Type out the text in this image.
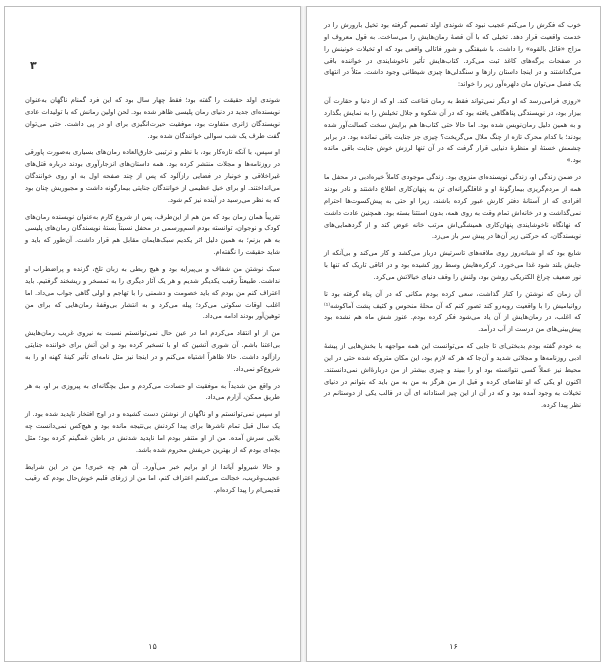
۳

شوندی اولد حقیقت را گفته بود؛ فقط چهار سال بود که این فرد گمنام ناگهان به‌عنوان نویسنده‌ای جدید در دنیای رمان پلیسی ظاهر شده بود. لحن اولین رمانش که با تولیدات عادی نویسندگان ژانری متفاوت بود، موفقیت حیرت‌انگیزی برای او در پی داشت. حتی می‌توان گفت طرف یک شب سوالی خوانندگان شده بود.

او سپس، با آنکه تازه‌کار بود، با نظم و ترتیبی خارق‌العاده رمان‌های بسیاری به‌صورت پاورقی در روزنامه‌ها و مجلات منتشر کرده بود. همه داستان‌های انزجارآوری بودند درباره قتل‌های غیراخلاقی و خونبار در فضایی رازآلود که پس از چند صفحه اول به او روی خوانندگان می‌انداختند. او برای خیل عظیمی از خوانندگان جنایتی بیمارگونه داشت و مجبوریش چنان بود که به نظر می‌رسید در آینده نیز کم شود.

تقریباً همان زمان بود که من هم از این‌طرف، پس از شروع کارم به‌عنوان نویسنده رمان‌های کودک و نوجوان، توانسته بودم اسم‌ورسمی در محفل نسبتاً بستهٔ نویسندگان رمان‌های پلیسی به هم بزنم؛ به همین دلیل اثر یکدیم سبک‌هایمان مقابل هم قرار داشت. آن‌طور که باید و شاید حقیقت را نگفته‌ام.

سبک نوشتن من شفاف و بی‌پیرایه بود و هیچ ربطی به زبان تلخ، گزنده و پراضطراب او نداشت. طبیعتاً رقیب یکدیگر شدیم و هر یک آثار دیگری را به تمسخر و ریشخند گرفتیم. باید اعتراف کنم من بودم که باید خصومت و دشمنی را با تهاجم و اولی گاهی جواب می‌داد. اما اغلب اوقات سکوتی می‌کرد؛ پیله می‌کرد و به انتشار بی‌وقفهٔ رمان‌هایی که برای من توهین‌آور بودند ادامه می‌داد.

من از او انتقاد می‌کردم اما در عین حال نمی‌توانستم نسبت به نیروی غریب رمان‌هایش بی‌اعتنا باشم. آن شوری آتشین که او با تسخیر کرده بود و این آتش برای خواننده جنایتی رازآلود داشت. حالا ظاهراً اشتیاه می‌کنم و در اینجا نیز مثل نامه‌ای تأثیر کینهٔ کهنه او را به شروع‌کو نمی‌داد.

در واقع من شدیداً به موفقیت او حسادت می‌کردم و میل بچگانه‌ای به پیروزی بر او، به هر طریق ممکن، آزارم می‌داد.

او سپس نمی‌توانستم و او ناگهان از نوشتن دست کشیده و در اوج افتخار ناپدید شده بود. از یک سال قبل تمام ناشرها برای پیدا کردنش بی‌نتیجه مانده بود و هیچ‌کس نمی‌دانست چه بلایی سرش آمده. من از او متنفر بودم اما ناپدید شدنش در باطن غمگینم کرده بود؛ مثل بچه‌ای بودم که از بهترین حریفش محروم شده باشد.

و حالا شیرولو آیاندا از او برایم خبر می‌آورد. آن هم چه خبری! من در این شرایط عجیب‌وغریب، خجالت می‌کشم اعتراف کنم، اما من از ژرفای قلبم خوش‌حال بودم که رقیب قدیمی‌ام را پیدا کرده‌ام.

۱۵

خوب که فکرش را می‌کنم عجیب نبود که شوندی اولد تصمیم گرفته بود تخیل بارورش را در خدمت واقعیت قرار دهد. تخیلی که با آن قصهٔ رمان‌هایش را می‌ساخت. به قول معروف او مزاج «قاتل بالقوه» را داشت. با شیفتگی و شور فاتالی واقعی بود که او تخیلات خونینش را در صفحات برگه‌های کاغذ ثبت می‌کرد. کتاب‌هایش تأثیر ناخوشایندی در خواننده باقی می‌گذاشتند و در اینجا داستان رازها و سنگدلی‌ها چیزی شیطانی وجود داشت. مثلاً در انتهای یک فصل می‌توان مان دلهره‌آور زیر را خواند:

«روزی فرامی‌رسد که او دیگر نمی‌تواند فقط به رمان قناعت کند. او که از دنیا و حقارت آن بیزار بود، در نویسندگی پناهگاهی یافته بود که در آن شکوه و جلال تخیلش را به نمایش بگذارد و به همین دلیل رمان‌نویس شده بود. اما حالا حتی کتاب‌ها هم برایش سخت کسالت‌آور شده بودند؛ با کدام محرک تازه از چنگ ملال می‌گریخت؟ چیزی جز جنایت باقی نمانده بود. در برابر چشمش خستهٔ او منظرهٔ دنیایی قرار گرفت که در آن تنها لرزش خوش جنایت باقی مانده بود.»

در ضمن زندگی او، زندگی نویسنده‌ای منزوی بود. زندگی موجودی کاملاً خیره‌ادبی در محفل ما همه از مردم‌گریزی بیمارگونهٔ او و غافلگیرانه‌ای تن به پنهان‌کاری اطلاع داشتند و نادر بودند افرادی که از آستانهٔ دفتر کارش عبور کرده باشند، زیرا او حتی به پیش‌کسوت‌ها احترام نمی‌گذاشت و در خانه‌اش تمام وقت به روی همه، بدون استثنا بسته بود. همچنین عادت داشت که نهانگاه ناخوشایندی پنهان‌کاری همیشگی‌اش مرتب خانه عوض کند و از گردهمایی‌های نویسندگان، که حرکتی زیر آن‌ها در پیش سر باز می‌زد.

شایع بود که او شبانه‌روز روی ملافه‌های تاسرتیش درباز می‌کشد و کار می‌کند و بی‌آنکه از جایش بلند شود غذا می‌خورد. کرکره‌هایش وسط روز کشیده بود و در اتاقی تاریک که تنها با نور ضعیف چراغ الکتریکی روشن بود، ولنش را وقف دنیای خیالاتش می‌کرد.

آن زمان که نوشتن را کنار گذاشت، سعی کرده بودم مکانی که در آن پناه گرفته بود تا روانیامیش را با واقعیت روبه‌رو کند تصور کنم که آن محلهٔ منحوس و کثیف پشت آماکوشه⁽¹⁾ که اغلب، در رمان‌هایش از آن یاد می‌شود فکر کرده بودم. عنوز شش ماه هم نشده بود پیش‌بینی‌های من درست از آب درآمد.

به خودم گفته بودم بدبختی‌ای تا جایی که می‌توانست این همه مواجهه با بخش‌هایی از پیشهٔ ادبی روزنامه‌ها و مجلاتی شدید و آن‌جا که هر که لازم بود، این مکان متروکه شده حتی در این محیط نیز عملاً کسی نتوانسته بود او را ببیند و چیزی بیشتر از من دربارهٔ‌اش نمی‌دانستند. اکنون او یکی که او تقاضای کرده و قبل از من هرگز به من به من باید که بتوانم در دنیای تخیلات به وجود آمده بود و که در آن از این چیز استادانه ای آن در قالب یکی از دوستانم در نظر پیدا کرده.

۱۶
